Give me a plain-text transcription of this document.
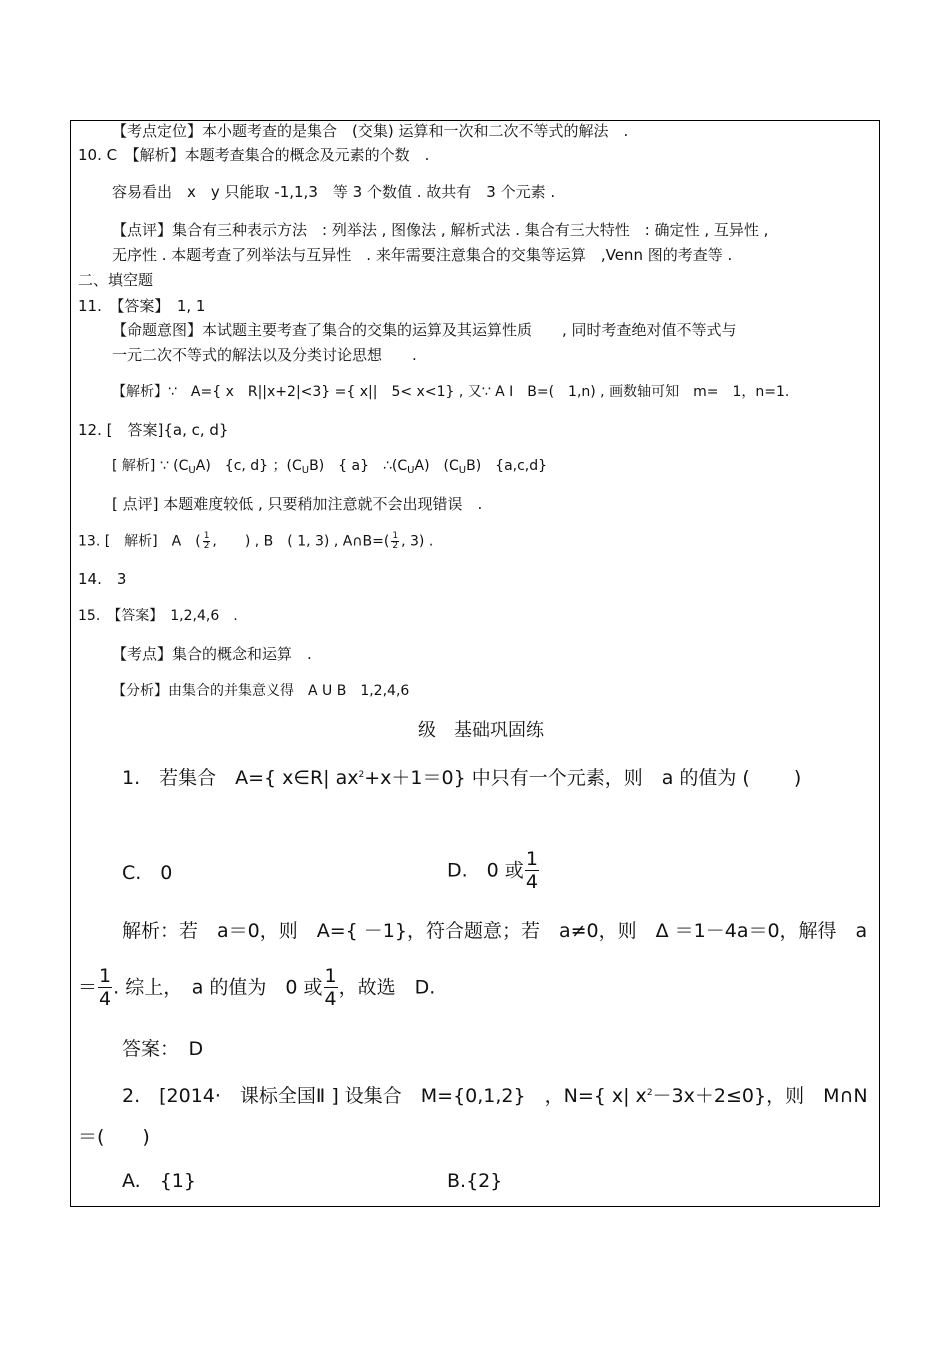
【考点定位】本小题考查的是集合　(交集) 运算和一次和二次不等式的解法　.
10. C　【解析】本题考查集合的概念及元素的个数　.
容易看出　x　y 只能取 -1,1,3　等 3 个数值 . 故共有　3 个元素 .
【点评】集合有三种表示方法　: 列举法 , 图像法 , 解析式法 . 集合有三大特性　: 确定性 , 互异性 ,
无序性 . 本题考查了列举法与互异性　. 来年需要注意集合的交集等运算　,Venn 图的考查等 .
二、填空题
11.　【答案】　1, 1
【命题意图】本试题主要考查了集合的交集的运算及其运算性质　　, 同时考查绝对值不等式与
一元二次不等式的解法以及分类讨论思想　　.
【解析】∵　A={ x　R||x+2|<3} ={ x||　5< x<1} , 又∵ A I　B=(　1,n) , 画数轴可知　m=　1，n=1.
12. [　答案]{a, c, d}
[ 解析] ∵ $(C_UA)$　{c, d} ；$(C_UB)$　{ a}　$\therefore(C_UA)$　$(C_UB)$　{a,c,d}
[ 点评] 本题难度较低 , 只要稍加注意就不会出现错误　.
13. [　解析]　A　( $\frac{1}{2}$ ,　　) , B　( 1, 3) , A∩B=( $\frac{1}{2}$ , 3) .
14.　3
15.　【答案】　1,2,4,6　.
【考点】集合的概念和运算　.
【分析】由集合的并集意义得　A U B　1,2,4,6
级　基础巩固练
1.　若集合　A={ x∈R| $ax^2+x+1=0$} 中只有一个元素，则　a 的值为 (　　 )
C.　0	D.　0 或 $\frac{1}{4}$
解析：若　a＝0，则　A={ －1}，符合题意；若　a≠0，则　Δ ＝1－4a＝0，解得　a
＝ $\frac{1}{4}$ . 综上，　a 的值为　0 或 $\frac{1}{4}$ ，故选　D.
答案：　D
2.　[2014·　课标全国Ⅱ ] 设集合　M={0,1,2}　，N={ x| $x^2-3x+2\le 0$}，则　M∩N
＝(　　)
A.　{1}	B.{2}
